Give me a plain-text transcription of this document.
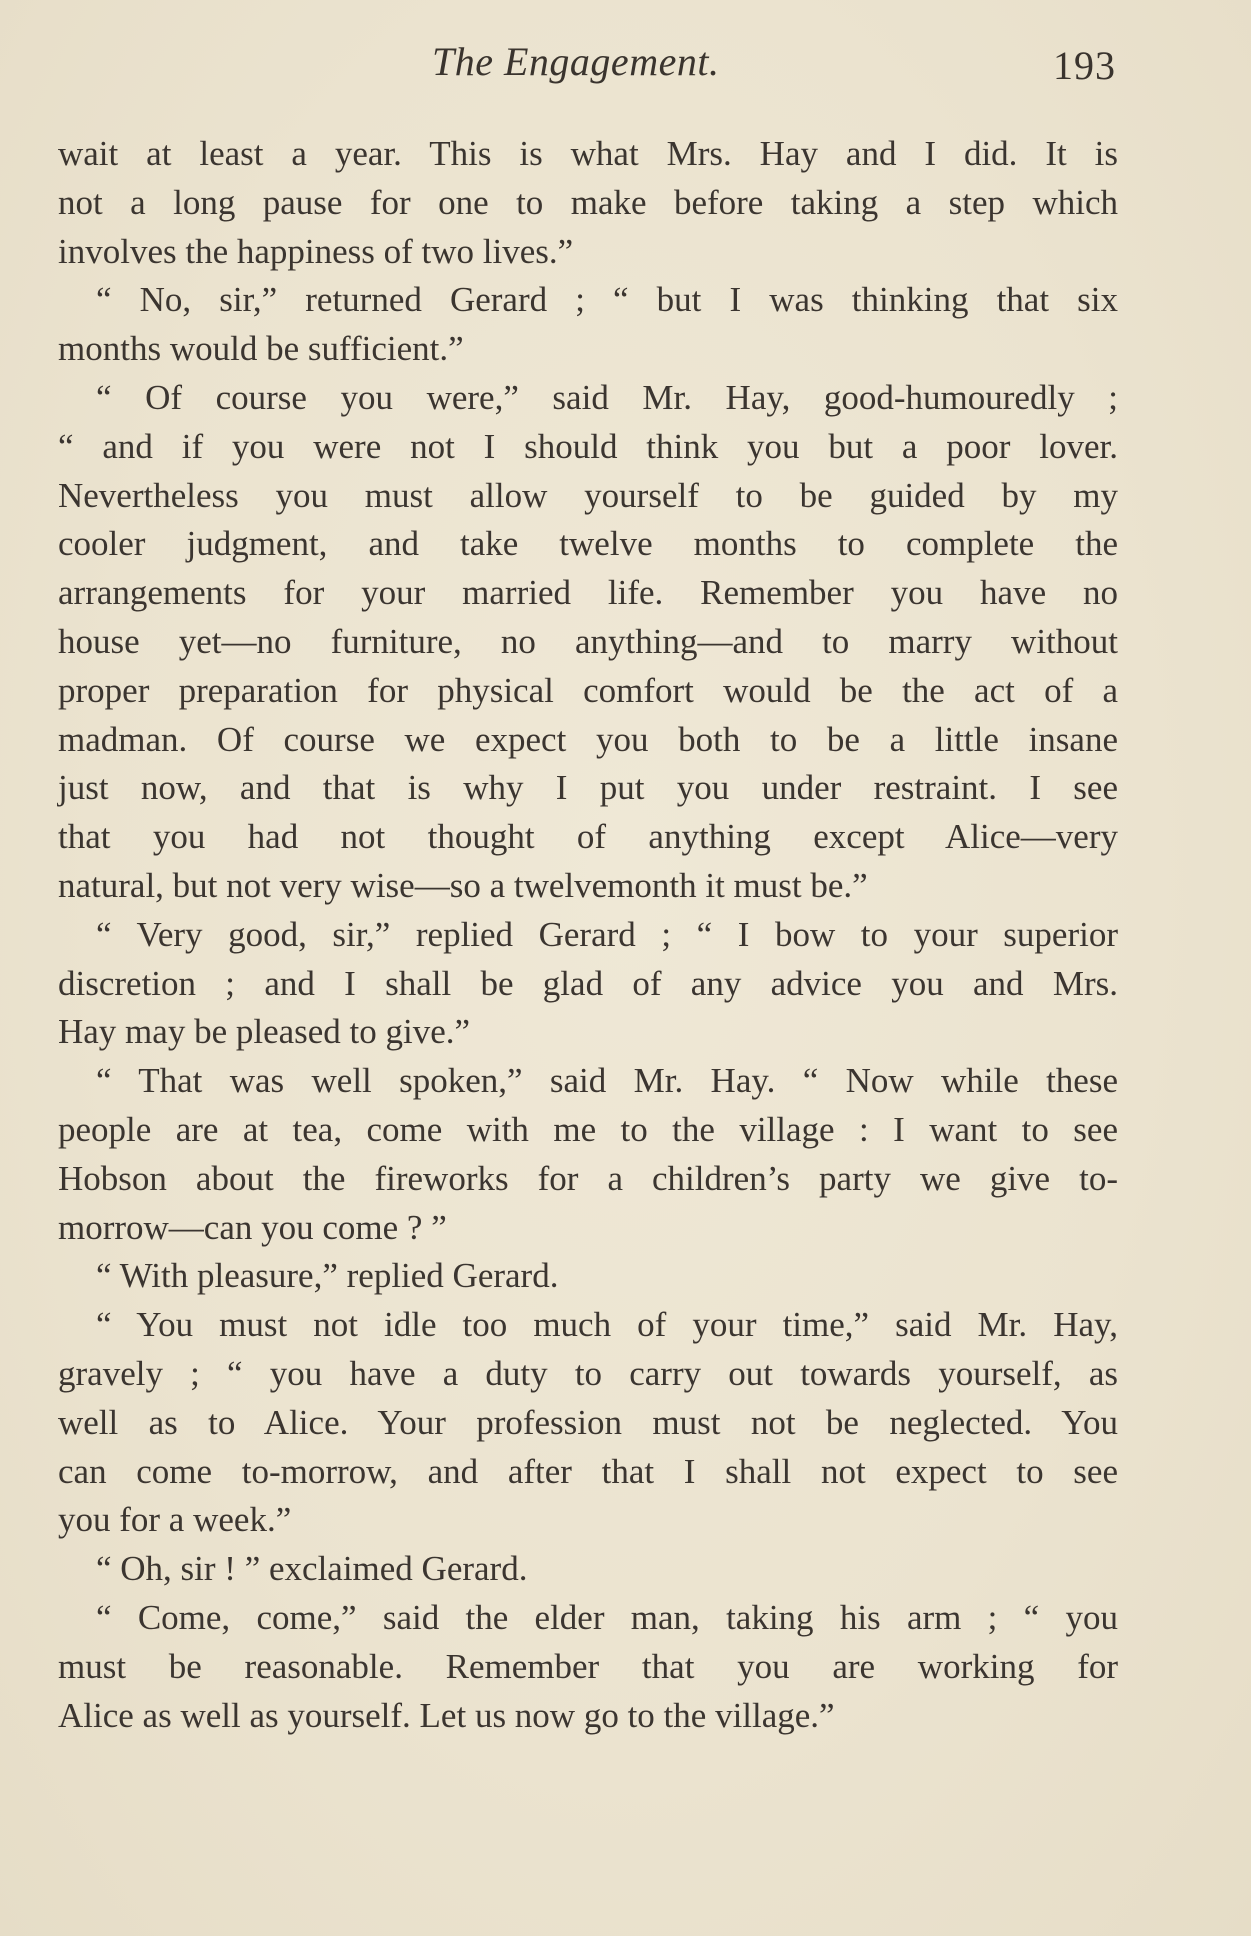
The Engagement.	193
wait at least a year. This is what Mrs. Hay and I did. It is
not a long pause for one to make before taking a step which
involves the happiness of two lives.”
“ No, sir,” returned Gerard ; “ but I was thinking that six
months would be sufficient.”
“ Of course you were,” said Mr. Hay, good-humouredly ;
“ and if you were not I should think you but a poor lover.
Nevertheless you must allow yourself to be guided by my
cooler judgment, and take twelve months to complete the
arrangements for your married life. Remember you have no
house yet—no furniture, no anything—and to marry without
proper preparation for physical comfort would be the act of a
madman. Of course we expect you both to be a little insane
just now, and that is why I put you under restraint. I see
that you had not thought of anything except Alice—very
natural, but not very wise—so a twelvemonth it must be.”
“ Very good, sir,” replied Gerard ; “ I bow to your superior
discretion ; and I shall be glad of any advice you and Mrs.
Hay may be pleased to give.”
“ That was well spoken,” said Mr. Hay. “ Now while these
people are at tea, come with me to the village : I want to see
Hobson about the fireworks for a children’s party we give to-
morrow—can you come ? ”
“ With pleasure,” replied Gerard.
“ You must not idle too much of your time,” said Mr. Hay,
gravely ; “ you have a duty to carry out towards yourself, as
well as to Alice. Your profession must not be neglected. You
can come to-morrow, and after that I shall not expect to see
you for a week.”
“ Oh, sir ! ” exclaimed Gerard.
“ Come, come,” said the elder man, taking his arm ; “ you
must be reasonable. Remember that you are working for
Alice as well as yourself. Let us now go to the village.”
